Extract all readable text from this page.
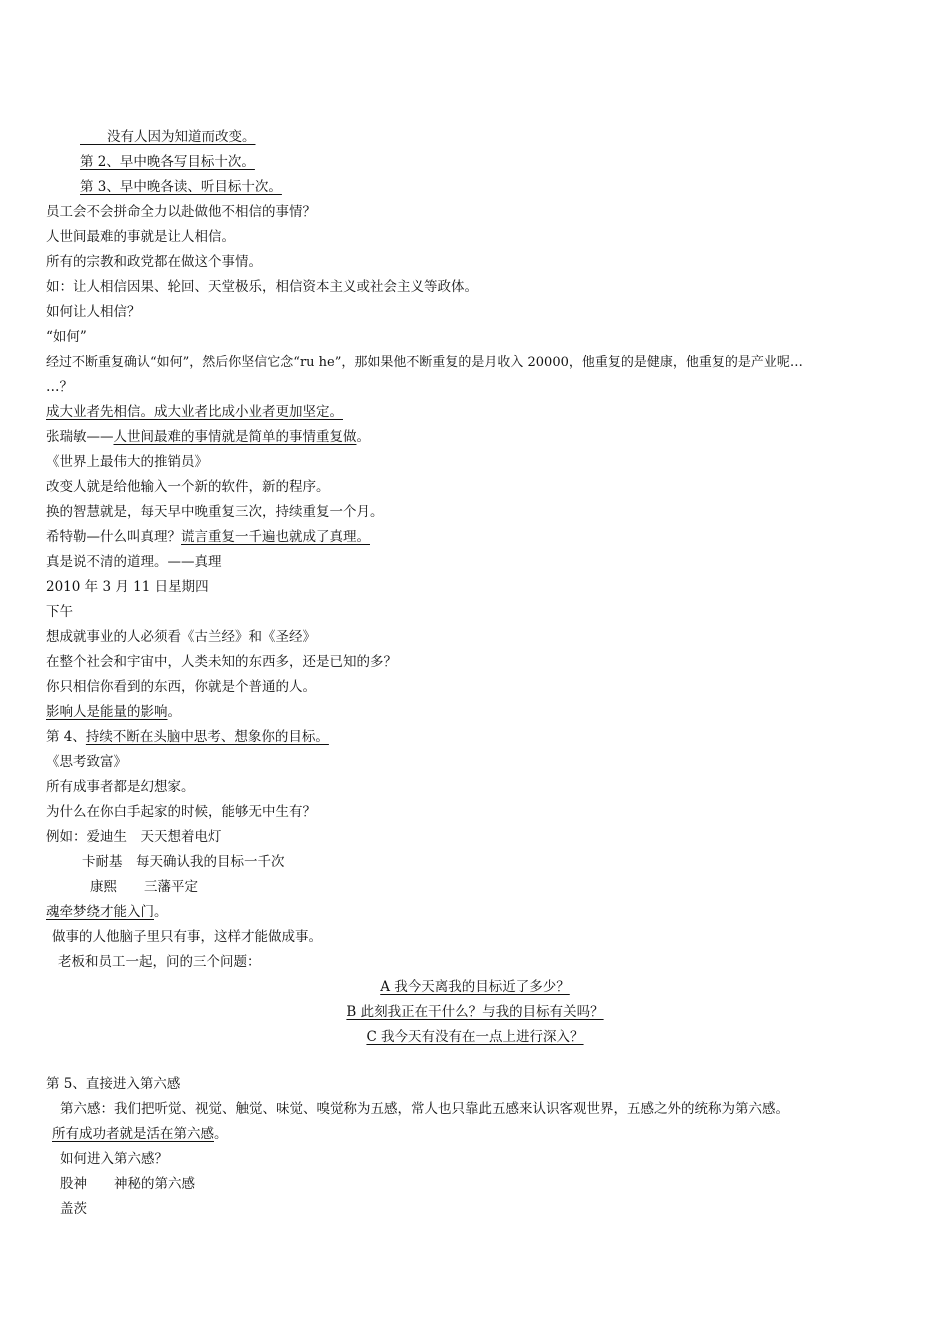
　　没有人因为知道而改变。
第 2、早中晚各写目标十次。
第 3、早中晚各读、听目标十次。
员工会不会拼命全力以赴做他不相信的事情？
人世间最难的事就是让人相信。
所有的宗教和政党都在做这个事情。
如：让人相信因果、轮回、天堂极乐，相信资本主义或社会主义等政体。
如何让人相信？
“如何”
经过不断重复确认“如何”，然后你坚信它念“ru he”，那如果他不断重复的是月收入 20000，他重复的是健康，他重复的是产业呢…
…？
成大业者先相信。成大业者比成小业者更加坚定。
张瑞敏——人世间最难的事情就是简单的事情重复做。
《世界上最伟大的推销员》
改变人就是给他输入一个新的软件，新的程序。
换的智慧就是，每天早中晚重复三次，持续重复一个月。
希特勒—什么叫真理？谎言重复一千遍也就成了真理。
真是说不清的道理。——真理
2010 年 3 月 11 日星期四
下午
想成就事业的人必须看《古兰经》和《圣经》
在整个社会和宇宙中，人类未知的东西多，还是已知的多？
你只相信你看到的东西，你就是个普通的人。
影响人是能量的影响。
第 4、持续不断在头脑中思考、想象你的目标。
《思考致富》
所有成事者都是幻想家。
为什么在你白手起家的时候，能够无中生有？
例如：爱迪生　天天想着电灯
卡耐基　每天确认我的目标一千次
康熙　　三藩平定
魂牵梦绕才能入门。
做事的人他脑子里只有事，这样才能做成事。
老板和员工一起，问的三个问题：
A 我今天离我的目标近了多少？
B 此刻我正在干什么？与我的目标有关吗？
C 我今天有没有在一点上进行深入？
第 5、直接进入第六感
第六感：我们把听觉、视觉、触觉、味觉、嗅觉称为五感，常人也只靠此五感来认识客观世界，五感之外的统称为第六感。
所有成功者就是活在第六感。
如何进入第六感？
股神　　神秘的第六感
盖茨
